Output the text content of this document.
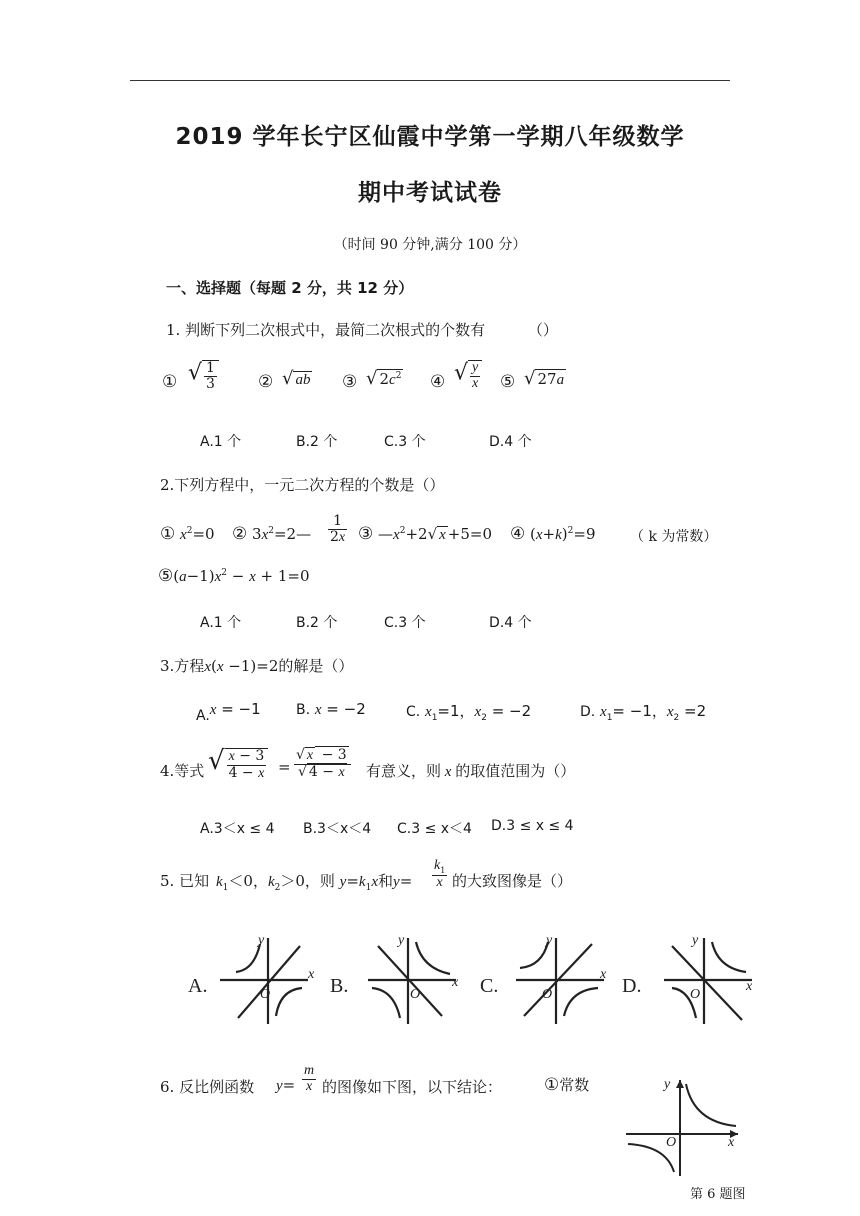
2019 学年长宁区仙霞中学第一学期八年级数学
期中考试试卷
（时间 90 分钟,满分 100 分）
一、选择题（每题 2 分，共 12 分）
1. 判断下列二次根式中，最简二次根式的个数有	（）
① √ $\frac{1}{3}$ ② √ ab ③ √ $2c^2$ ④ √ $\frac{y}{x}$ ⑤ √ 27a
A.1 个	B.2 个	C.3 个	D.4 个
2.下列方程中，一元二次方程的个数是（）
① $x^2=0$ ② $3x^2=2— \frac{1}{2x}$ ③ $—x^2+2√$ x +5=0 ④ $(x+k)^2=9$ （ k 为常数）
$⑤(a-1)x^2 - x + 1=0$
A.1 个	B.2 个	C.3 个	D.4 个
3.方程x(x −1)=2的解是（）
A.x = −1	B. x = −2	C. $x_1=1$，$x_2 = -2$	D. $x_1= -1$，$x_2 =2$
4.等式 √ $\frac{x - 3}{4 - x} = \frac{√ x - 3}{√ 4 - x}$ 有意义，则 x 的取值范围为（）
A.3＜x ≤ 4 B.3＜x＜4 C.3 ≤ x＜4 D.3 ≤ x ≤ 4
5. 已知 $k_1<0$，$k_2>0$，则 $y=k_1x$和$y= \frac{k_1}{x}$ 的大致图像是（）
A.	B.	C.	D.
y
x
O
y
x
O
y
x
O
y
x
O
6. 反比例函数 $y= \frac{m}{x}$ 的图像如下图，以下结论： ①常数	y
x
O
第 6 题图
